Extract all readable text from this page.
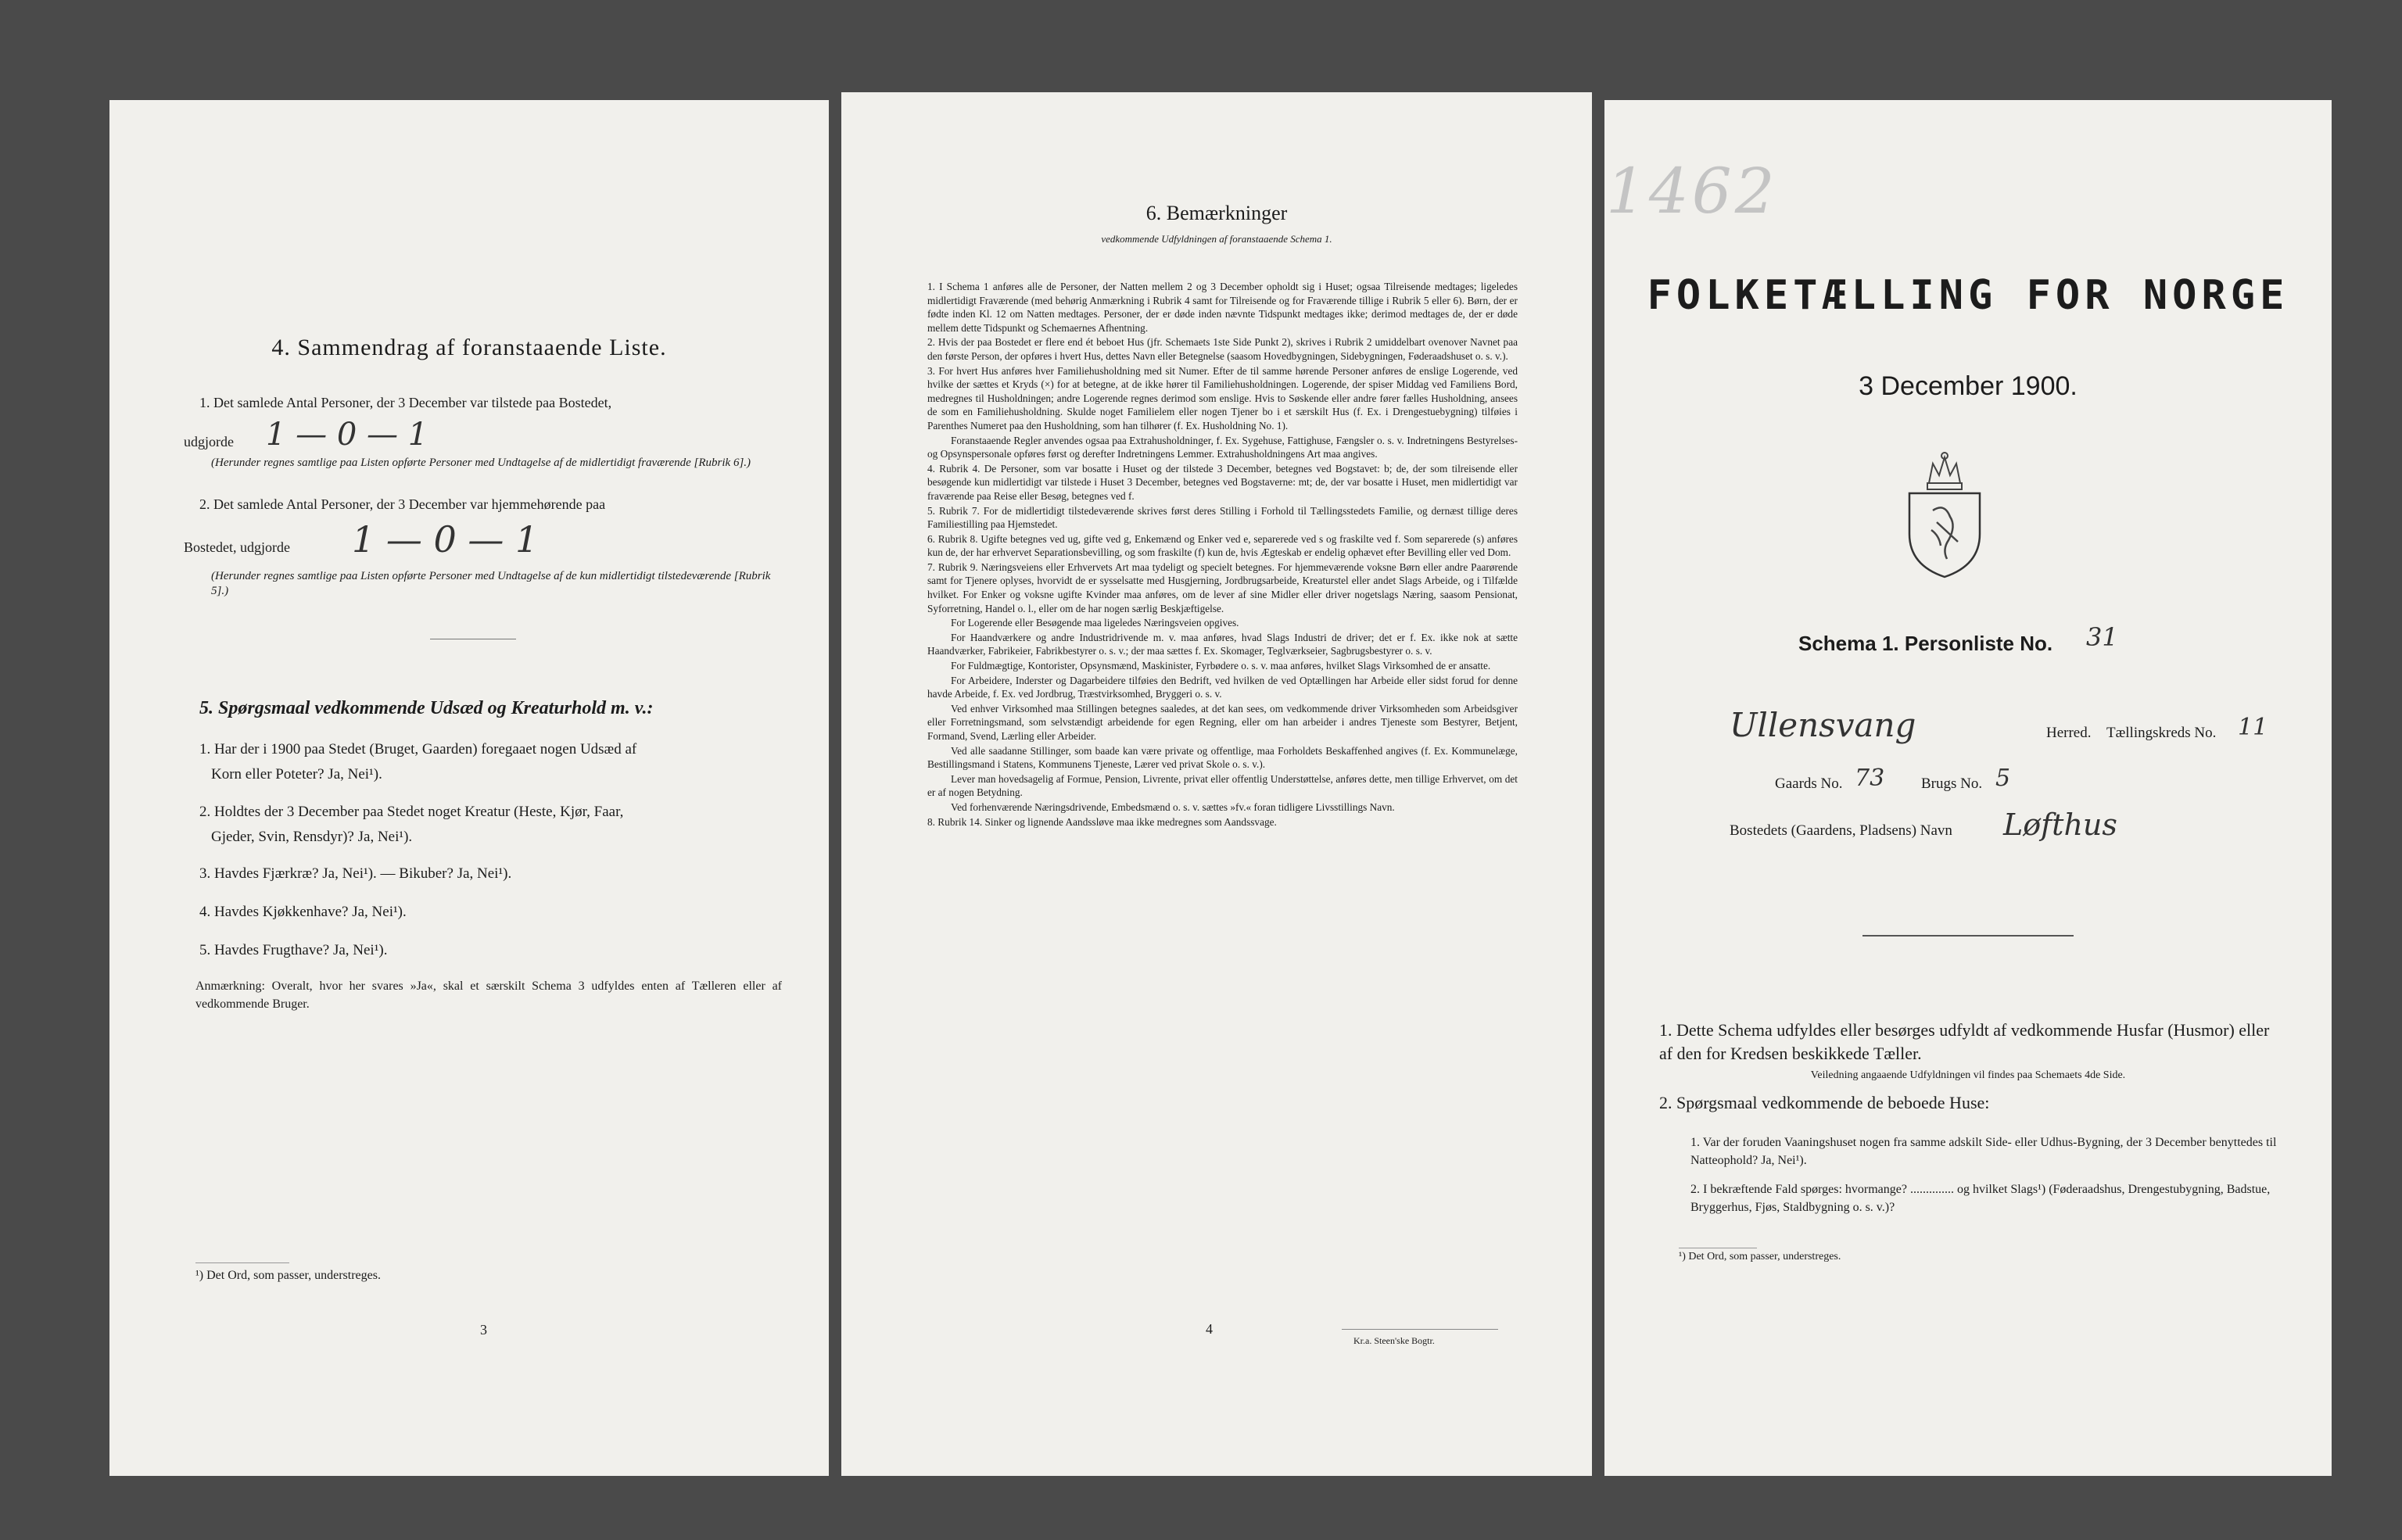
4. Sammendrag af foranstaaende Liste.
1. Det samlede Antal Personer, der 3 December var tilstede paa Bostedet,
udgjorde 1 — 0 — 1
(Herunder regnes samtlige paa Listen opførte Personer med Undtagelse af de midlertidigt fraværende [Rubrik 6].)
2. Det samlede Antal Personer, der 3 December var hjemmehørende paa
Bostedet, udgjorde 1 — 0 — 1
(Herunder regnes samtlige paa Listen opførte Personer med Undtagelse af de kun midlertidigt tilstedeværende [Rubrik 5].)
5. Spørgsmaal vedkommende Udsæd og Kreaturhold m. v.:
1. Har der i 1900 paa Stedet (Bruget, Gaarden) foregaaet nogen Udsæd af
Korn eller Poteter? Ja, Nei¹).
2. Holdtes der 3 December paa Stedet noget Kreatur (Heste, Kjør, Faar,
Gjeder, Svin, Rensdyr)? Ja, Nei¹).
3. Havdes Fjærkræ? Ja, Nei¹). — Bikuber? Ja, Nei¹).
4. Havdes Kjøkkenhave? Ja, Nei¹).
5. Havdes Frugthave? Ja, Nei¹).
Anmærkning: Overalt, hvor her svares »Ja«, skal et særskilt Schema 3 udfyldes enten af Tælleren eller af vedkommende Bruger.
¹) Det Ord, som passer, understreges.
3
6. Bemærkninger
vedkommende Udfyldningen af foranstaaende Schema 1.

1. I Schema 1 anføres alle de Personer, der Natten mellem 2 og 3 December opholdt sig i Huset; ogsaa Tilreisende medtages; ligeledes midlertidigt Fraværende (med behørig Anmærkning i Rubrik 4 samt for Tilreisende og for Fraværende tillige i Rubrik 5 eller 6). Børn, der er fødte inden Kl. 12 om Natten medtages. Personer, der er døde inden nævnte Tidspunkt medtages ikke; derimod medtages de, der er døde mellem dette Tidspunkt og Schemaernes Afhentning.

2. Hvis der paa Bostedet er flere end ét beboet Hus (jfr. Schemaets 1ste Side Punkt 2), skrives i Rubrik 2 umiddelbart ovenover Navnet paa den første Person, der opføres i hvert Hus, dettes Navn eller Betegnelse (saasom Hovedbygningen, Sidebygningen, Føderaadshuset o. s. v.).

3. For hvert Hus anføres hver Familiehusholdning med sit Numer. Efter de til samme hørende Personer anføres de enslige Logerende, ved hvilke der sættes et Kryds (×) for at betegne, at de ikke hører til Familiehusholdningen. Logerende, der spiser Middag ved Familiens Bord, medregnes til Husholdningen; andre Logerende regnes derimod som enslige. Hvis to Søskende eller andre fører fælles Husholdning, ansees de som en Familiehusholdning. Skulde noget Familielem eller nogen Tjener bo i et særskilt Hus (f. Ex. i Drengestuebygning) tilføies i Parenthes Numeret paa den Husholdning, som han tilhører (f. Ex. Husholdning No. 1).

Foranstaaende Regler anvendes ogsaa paa Extrahusholdninger, f. Ex. Sygehuse, Fattighuse, Fængsler o. s. v. Indretningens Bestyrelses- og Opsynspersonale opføres først og derefter Indretningens Lemmer. Extrahusholdningens Art maa angives.

4. Rubrik 4. De Personer, som var bosatte i Huset og der tilstede 3 December, betegnes ved Bogstavet: b; de, der som tilreisende eller besøgende kun midlertidigt var tilstede i Huset 3 December, betegnes ved Bogstaverne: mt; de, der var bosatte i Huset, men midlertidigt var fraværende paa Reise eller Besøg, betegnes ved f.

5. Rubrik 7. For de midlertidigt tilstedeværende skrives først deres Stilling i Forhold til Tællingsstedets Familie, og dernæst tillige deres Familiestilling paa Hjemstedet.

6. Rubrik 8. Ugifte betegnes ved ug, gifte ved g, Enkemænd og Enker ved e, separerede ved s og fraskilte ved f. Som separerede (s) anføres kun de, der har erhvervet Separationsbevilling, og som fraskilte (f) kun de, hvis Ægteskab er endelig ophævet efter Bevilling eller ved Dom.

7. Rubrik 9. Næringsveiens eller Erhvervets Art maa tydeligt og specielt betegnes. For hjemmeværende voksne Børn eller andre Paarørende samt for Tjenere oplyses, hvorvidt de er sysselsatte med Husgjerning, Jordbrugsarbeide, Kreaturstel eller andet Slags Arbeide, og i Tilfælde hvilket. For Enker og voksne ugifte Kvinder maa anføres, om de lever af sine Midler eller driver nogetslags Næring, saasom Pensionat, Syforretning, Handel o. l., eller om de har nogen særlig Beskjæftigelse.

For Logerende eller Besøgende maa ligeledes Næringsveien opgives.

For Haandværkere og andre Industridrivende m. v. maa anføres, hvad Slags Industri de driver; det er f. Ex. ikke nok at sætte Haandværker, Fabrikeier, Fabrikbestyrer o. s. v.; der maa sættes f. Ex. Skomager, Teglværkseier, Sagbrugsbestyrer o. s. v.

For Fuldmægtige, Kontorister, Opsynsmænd, Maskinister, Fyrbødere o. s. v. maa anføres, hvilket Slags Virksomhed de er ansatte.

For Arbeidere, Inderster og Dagarbeidere tilføies den Bedrift, ved hvilken de ved Optællingen har Arbeide eller sidst forud for denne havde Arbeide, f. Ex. ved Jordbrug, Træstvirksomhed, Bryggeri o. s. v.

Ved enhver Virksomhed maa Stillingen betegnes saaledes, at det kan sees, om vedkommende driver Virksomheden som Arbeidsgiver eller Forretningsmand, som selvstændigt arbeidende for egen Regning, eller om han arbeider i andres Tjeneste som Bestyrer, Betjent, Formand, Svend, Lærling eller Arbeider.

Ved alle saadanne Stillinger, som baade kan være private og offentlige, maa Forholdets Beskaffenhed angives (f. Ex. Kommunelæge, Bestillingsmand i Statens, Kommunens Tjeneste, Lærer ved privat Skole o. s. v.).

Lever man hovedsagelig af Formue, Pension, Livrente, privat eller offentlig Understøttelse, anføres dette, men tillige Erhvervet, om det er af nogen Betydning.

Ved forhenværende Næringsdrivende, Embedsmænd o. s. v. sættes »fv.« foran tidligere Livsstillings Navn.

8. Rubrik 14. Sinker og lignende Aandssløve maa ikke medregnes som Aandssvage.

4
Kr.a. Steen'ske Bogtr.
1462
FOLKETÆLLING FOR NORGE
3 December 1900.
Schema 1. Personliste No. 31
Ullensvang	Herred. Tællingskreds No. 11
Gaards No. 73 Brugs No. 5
Bostedets (Gaardens, Pladsens) Navn Løfthus
1. Dette Schema udfyldes eller besørges udfyldt af vedkommende Husfar (Husmor) eller af den for Kredsen beskikkede Tæller.
Veiledning angaaende Udfyldningen vil findes paa Schemaets 4de Side.
2. Spørgsmaal vedkommende de beboede Huse:
1. Var der foruden Vaaningshuset nogen fra samme adskilt Side- eller Udhus-Bygning, der 3 December benyttedes til Natteophold? Ja, Nei¹).
2. I bekræftende Fald spørges: hvormange? .............. og hvilket Slags¹) (Føderaadshus, Drengestubygning, Badstue, Bryggerhus, Fjøs, Staldbygning o. s. v.)?
¹) Det Ord, som passer, understreges.
